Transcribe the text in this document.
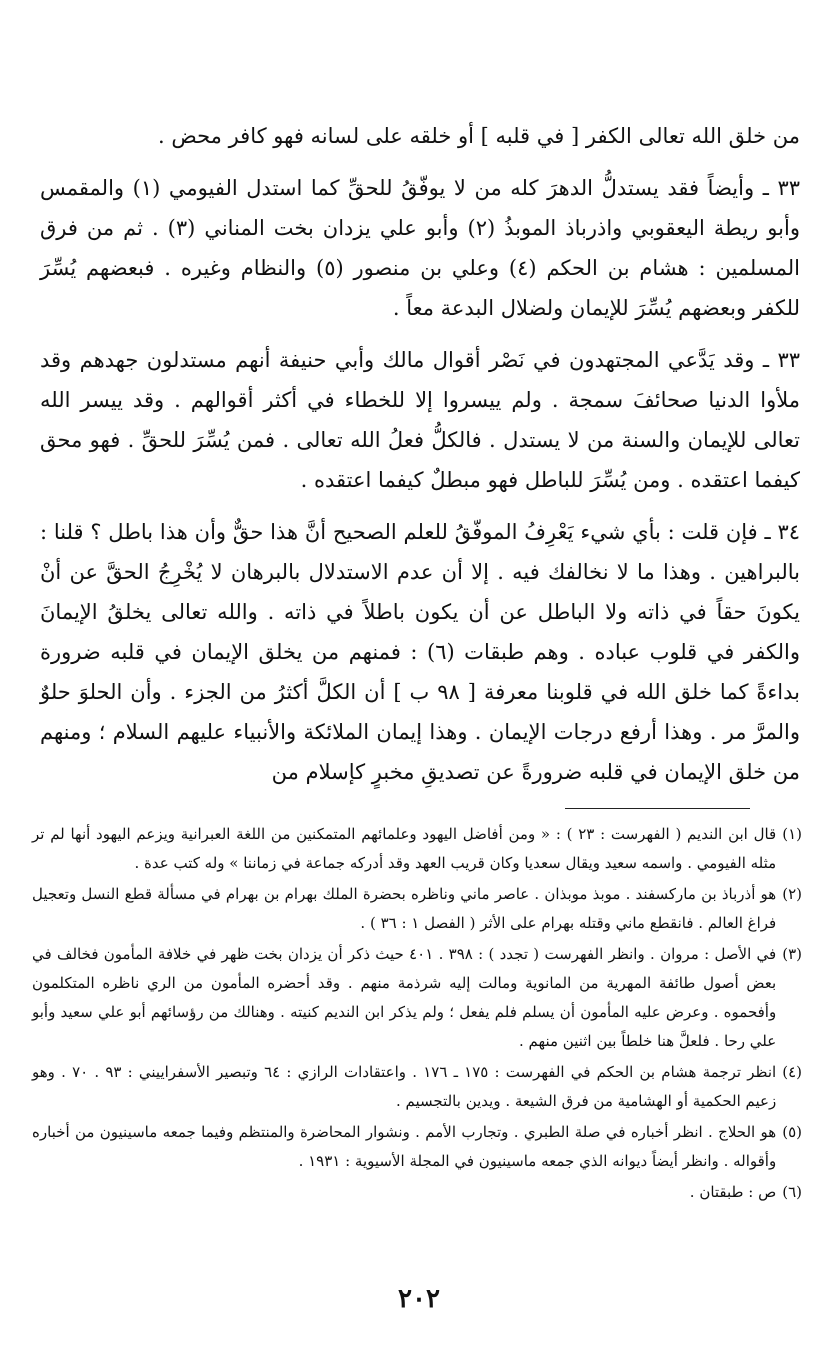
من خلق الله تعالى الكفر [ في قلبه ] أو خلقه على لسانه فهو كافر محض .

٣٣ ـ وأيضاً فقد يستدلُّ الدهرَ كله من لا يوفّقُ للحقِّ كما استدل الفيومي (١) والمقمس وأبو ريطة اليعقوبي واذرباذ الموبذُ (٢) وأبو علي يزدان بخت المناني (٣) . ثم من فرق المسلمين : هشام بن الحكم (٤) وعلي بن منصور (٥) والنظام وغيره . فبعضهم يُسِّرَ للكفر وبعضهم يُسِّرَ للإيمان ولضلال البدعة معاً .

٣٣ ـ وقد يَدَّعي المجتهدون في نَصْر أقوال مالك وأبي حنيفة أنهم مستدلون جهدهم وقد ملأوا الدنيا صحائفَ سمجة . ولم ييسروا إلا للخطاء في أكثر أقوالهم . وقد ييسر الله تعالى للإيمان والسنة من لا يستدل . فالكلُّ فعلُ الله تعالى . فمن يُسِّرَ للحقِّ . فهو محق كيفما اعتقده . ومن يُسِّرَ للباطل فهو مبطلٌ كيفما اعتقده .

٣٤ ـ فإن قلت : بأي شيء يَعْرِفُ الموفّقُ للعلم الصحيح أنَّ هذا حقٌّ وأن هذا باطل ؟ قلنا : بالبراهين . وهذا ما لا نخالفك فيه . إلا أن عدم الاستدلال بالبرهان لا يُخْرِجُ الحقَّ عن أنْ يكونَ حقاً في ذاته ولا الباطل عن أن يكون باطلاً في ذاته . والله تعالى يخلقُ الإيمانَ والكفر في قلوب عباده . وهم طبقات (٦) : فمنهم من يخلق الإيمان في قلبه ضرورة بداءةً كما خلق الله في قلوبنا معرفة [ ٩٨ ب ] أن الكلَّ أكثرُ من الجزء . وأن الحلوَ حلوٌ والمرَّ مر . وهذا أرفع درجات الإيمان . وهذا إيمان الملائكة والأنبياء عليهم السلام ؛ ومنهم من خلق الإيمان في قلبه ضرورةً عن تصديقِ مخبرٍ كإسلام من

(١)
قال ابن النديم ( الفهرست : ٢٣ ) : « ومن أفاضل اليهود وعلمائهم المتمكنين من اللغة العبرانية ويزعم اليهود أنها لم تر مثله الفيومي . واسمه سعيد ويقال سعديا وكان قريب العهد وقد أدركه جماعة في زماننا » وله كتب عدة .
(٢)
هو أذرباذ بن ماركسفند . موبذ موبذان . عاصر ماني وناظره بحضرة الملك بهرام بن بهرام في مسألة قطع النسل وتعجيل فراغ العالم . فانقطع ماني وقتله بهرام على الأثر ( الفصل ١ : ٣٦ ) .
(٣)
في الأصل : مروان . وانظر الفهرست ( تجدد ) : ٣٩٨ . ٤٠١ حيث ذكر أن يزدان بخت ظهر في خلافة المأمون فخالف في بعض أصول طائفة المهرية من المانوية ومالت إليه شرذمة منهم . وقد أحضره المأمون من الري ناظره المتكلمون وأفحموه . وعرض عليه المأمون أن يسلم فلم يفعل ؛ ولم يذكر ابن النديم كنيته . وهنالك من رؤسائهم أبو علي سعيد وأبو علي رحا . فلعلَّ هنا خلطاً بين اثنين منهم .
(٤)
انظر ترجمة هشام بن الحكم في الفهرست : ١٧٥ ـ ١٧٦ . واعتقادات الرازي : ٦٤ وتبصير الأسفراييني : ٩٣ . ٧٠ . وهو زعيم الحكمية أو الهشامية من فرق الشيعة . ويدين بالتجسيم .
(٥)
هو الحلاج . انظر أخباره في صلة الطبري . وتجارب الأمم . ونشوار المحاضرة والمنتظم وفيما جمعه ماسينيون من أخباره وأقواله . وانظر أيضاً ديوانه الذي جمعه ماسينيون في المجلة الأسيوية : ١٩٣١ .
(٦)
ص : طبقتان .
٢٠٢
